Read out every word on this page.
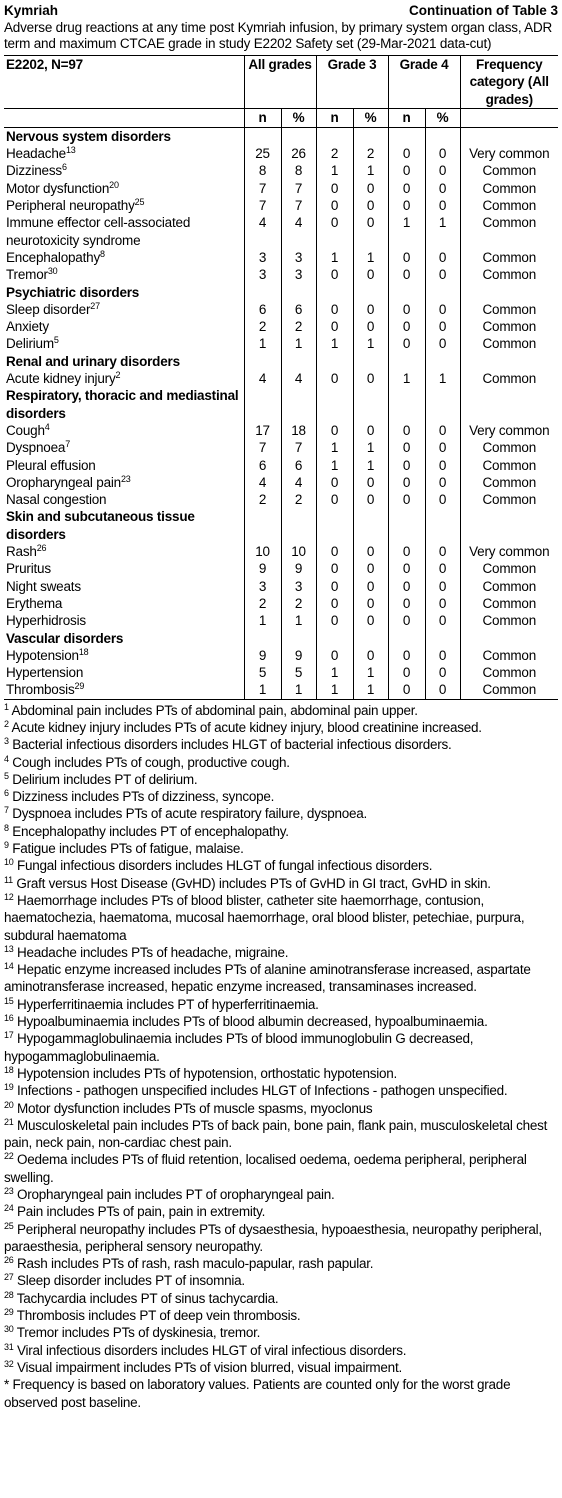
Kymriah	Continuation of Table 3
Adverse drug reactions at any time post Kymriah infusion, by primary system organ class, ADR term and maximum CTCAE grade in study E2202 Safety set (29-Mar-2021 data-cut)
E2202, N=97	All grades		Grade 3		Grade 4		Frequency category (All grades)
	n	%	n	%	n	%	
Nervous system disorders							
Headache$^{13}$	25	26	2	2	0	0	Very common
Dizziness$^6$	8	8	1	1	0	0	Common
Motor dysfunction$^{20}$	7	7	0	0	0	0	Common
Peripheral neuropathy$^{25}$	7	7	0	0	0	0	Common
Immune effector cell-associated neurotoxicity syndrome	4	4	0	0	1	1	Common
Encephalopathy$^8$	3	3	1	1	0	0	Common
Tremor$^{30}$	3	3	0	0	0	0	Common
Psychiatric disorders							
Sleep disorder$^{27}$	6	6	0	0	0	0	Common
Anxiety	2	2	0	0	0	0	Common
Delirium$^5$	1	1	1	1	0	0	Common
Renal and urinary disorders							
Acute kidney injury$^2$	4	4	0	0	1	1	Common
Respiratory, thoracic and mediastinal disorders							
Cough$^4$	17	18	0	0	0	0	Very common
Dyspnoea$^7$	7	7	1	1	0	0	Common
Pleural effusion	6	6	1	1	0	0	Common
Oropharyngeal pain$^{23}$	4	4	0	0	0	0	Common
Nasal congestion	2	2	0	0	0	0	Common
Skin and subcutaneous tissue disorders							
Rash$^{26}$	10	10	0	0	0	0	Very common
Pruritus	9	9	0	0	0	0	Common
Night sweats	3	3	0	0	0	0	Common
Erythema	2	2	0	0	0	0	Common
Hyperhidrosis	1	1	0	0	0	0	Common
Vascular disorders							
Hypotension$^{18}$	9	9	0	0	0	0	Common
Hypertension	5	5	1	1	0	0	Common
Thrombosis$^{29}$	1	1	1	1	0	0	Common

$^1$ Abdominal pain includes PTs of abdominal pain, abdominal pain upper.

$^2$ Acute kidney injury includes PTs of acute kidney injury, blood creatinine increased.

$^3$ Bacterial infectious disorders includes HLGT of bacterial infectious disorders.

$^4$ Cough includes PTs of cough, productive cough.

$^5$ Delirium includes PT of delirium.

$^6$ Dizziness includes PTs of dizziness, syncope.

$^7$ Dyspnoea includes PTs of acute respiratory failure, dyspnoea.

$^8$ Encephalopathy includes PT of encephalopathy.

$^9$ Fatigue includes PTs of fatigue, malaise.

$^{10}$ Fungal infectious disorders includes HLGT of fungal infectious disorders.

$^{11}$ Graft versus Host Disease (GvHD) includes PTs of GvHD in GI tract, GvHD in skin.

$^{12}$ Haemorrhage includes PTs of blood blister, catheter site haemorrhage, contusion, haematochezia, haematoma, mucosal haemorrhage, oral blood blister, petechiae, purpura, subdural haematoma

$^{13}$ Headache includes PTs of headache, migraine.

$^{14}$ Hepatic enzyme increased includes PTs of alanine aminotransferase increased, aspartate aminotransferase increased, hepatic enzyme increased, transaminases increased.

$^{15}$ Hyperferritinaemia includes PT of hyperferritinaemia.

$^{16}$ Hypoalbuminaemia includes PTs of blood albumin decreased, hypoalbuminaemia.

$^{17}$ Hypogammaglobulinaemia includes PTs of blood immunoglobulin G decreased, hypogammaglobulinaemia.

$^{18}$ Hypotension includes PTs of hypotension, orthostatic hypotension.

$^{19}$ Infections - pathogen unspecified includes HLGT of Infections - pathogen unspecified.

$^{20}$ Motor dysfunction includes PTs of muscle spasms, myoclonus

$^{21}$ Musculoskeletal pain includes PTs of back pain, bone pain, flank pain, musculoskeletal chest pain, neck pain, non-cardiac chest pain.

$^{22}$ Oedema includes PTs of fluid retention, localised oedema, oedema peripheral, peripheral swelling.

$^{23}$ Oropharyngeal pain includes PT of oropharyngeal pain.

$^{24}$ Pain includes PTs of pain, pain in extremity.

$^{25}$ Peripheral neuropathy includes PTs of dysaesthesia, hypoaesthesia, neuropathy peripheral, paraesthesia, peripheral sensory neuropathy.

$^{26}$ Rash includes PTs of rash, rash maculo-papular, rash papular.

$^{27}$ Sleep disorder includes PT of insomnia.

$^{28}$ Tachycardia includes PT of sinus tachycardia.

$^{29}$ Thrombosis includes PT of deep vein thrombosis.

$^{30}$ Tremor includes PTs of dyskinesia, tremor.

$^{31}$ Viral infectious disorders includes HLGT of viral infectious disorders.

$^{32}$ Visual impairment includes PTs of vision blurred, visual impairment.

* Frequency is based on laboratory values. Patients are counted only for the worst grade observed post baseline.
